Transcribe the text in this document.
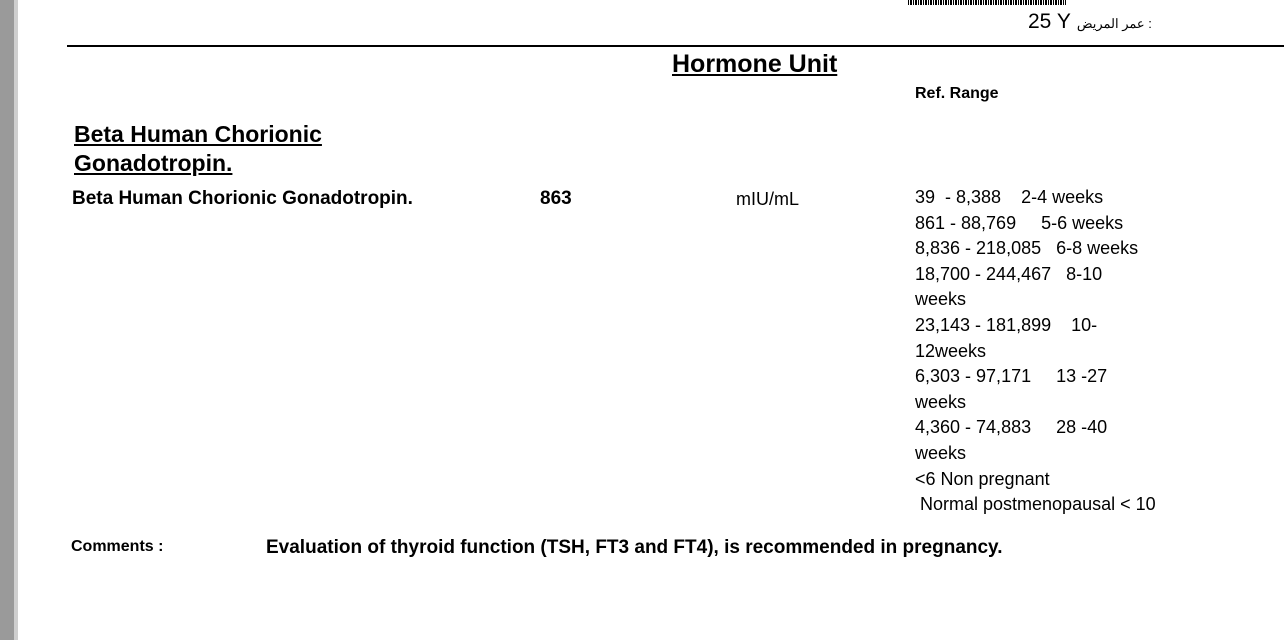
25 Y : عمر المريض
Hormone Unit
Ref. Range
Beta Human Chorionic Gonadotropin.
Beta Human Chorionic Gonadotropin.	863	mIU/mL	39  - 8,388    2-4 weeks
861 - 88,769     5-6 weeks
8,836 - 218,085   6-8 weeks
18,700 - 244,467   8-10
weeks
23,143 - 181,899    10-
12weeks
6,303 - 97,171     13 -27
weeks
4,360 - 74,883     28 -40
weeks
<6 Non pregnant
Normal postmenopausal < 10
Comments :	Evaluation of thyroid function (TSH, FT3 and FT4), is recommended in pregnancy.
